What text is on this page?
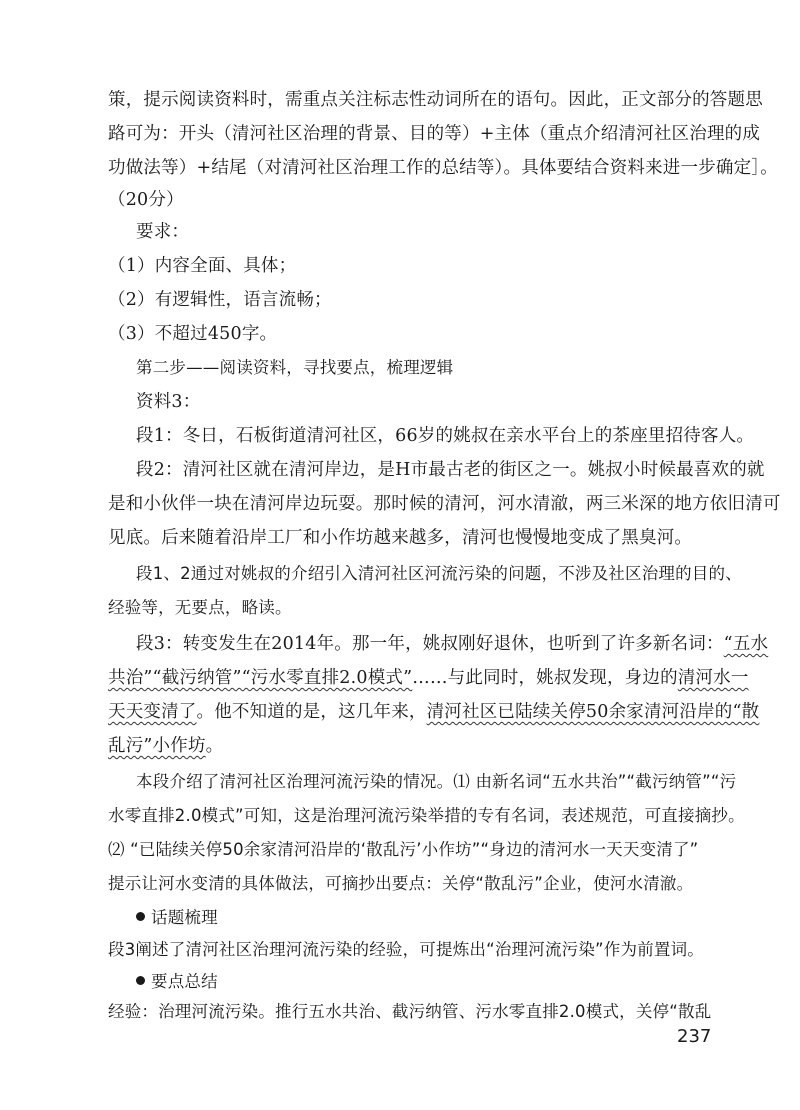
策，提示阅读资料时，需重点关注标志性动词所在的语句。因此，正文部分的答题思
路可为：开头（清河社区治理的背景、目的等）+主体（重点介绍清河社区治理的成
功做法等）+结尾（对清河社区治理工作的总结等）。具体要结合资料来进一步确定］。
（20分）
要求：
（1）内容全面、具体；
（2）有逻辑性，语言流畅；
（3）不超过450字。
第二步——阅读资料，寻找要点，梳理逻辑
资料3：
段1：冬日，石板街道清河社区，66岁的姚叔在亲水平台上的茶座里招待客人。
段2：清河社区就在清河岸边，是H市最古老的街区之一。姚叔小时候最喜欢的就
是和小伙伴一块在清河岸边玩耍。那时候的清河，河水清澈，两三米深的地方依旧清可
见底。后来随着沿岸工厂和小作坊越来越多，清河也慢慢地变成了黑臭河。
段1、2通过对姚叔的介绍引入清河社区河流污染的问题，不涉及社区治理的目的、
经验等，无要点，略读。
段3：转变发生在2014年。那一年，姚叔刚好退休，也听到了许多新名词：“五水
共治”“截污纳管”“污水零直排2.0模式”……与此同时，姚叔发现，身边的清河水一
天天变清了。他不知道的是，这几年来，清河社区已陆续关停50余家清河沿岸的“散
乱污”小作坊。
本段介绍了清河社区治理河流污染的情况。⑴ 由新名词“五水共治”“截污纳管”“污
水零直排2.0模式”可知，这是治理河流污染举措的专有名词，表述规范，可直接摘抄。
⑵ “已陆续关停50余家清河沿岸的‘散乱污’小作坊”“身边的清河水一天天变清了”
提示让河水变清的具体做法，可摘抄出要点：关停“散乱污”企业，使河水清澈。
话题梳理
段3阐述了清河社区治理河流污染的经验，可提炼出“治理河流污染”作为前置词。
要点总结
经验：治理河流污染。推行五水共治、截污纳管、污水零直排2.0模式，关停“散乱
237
